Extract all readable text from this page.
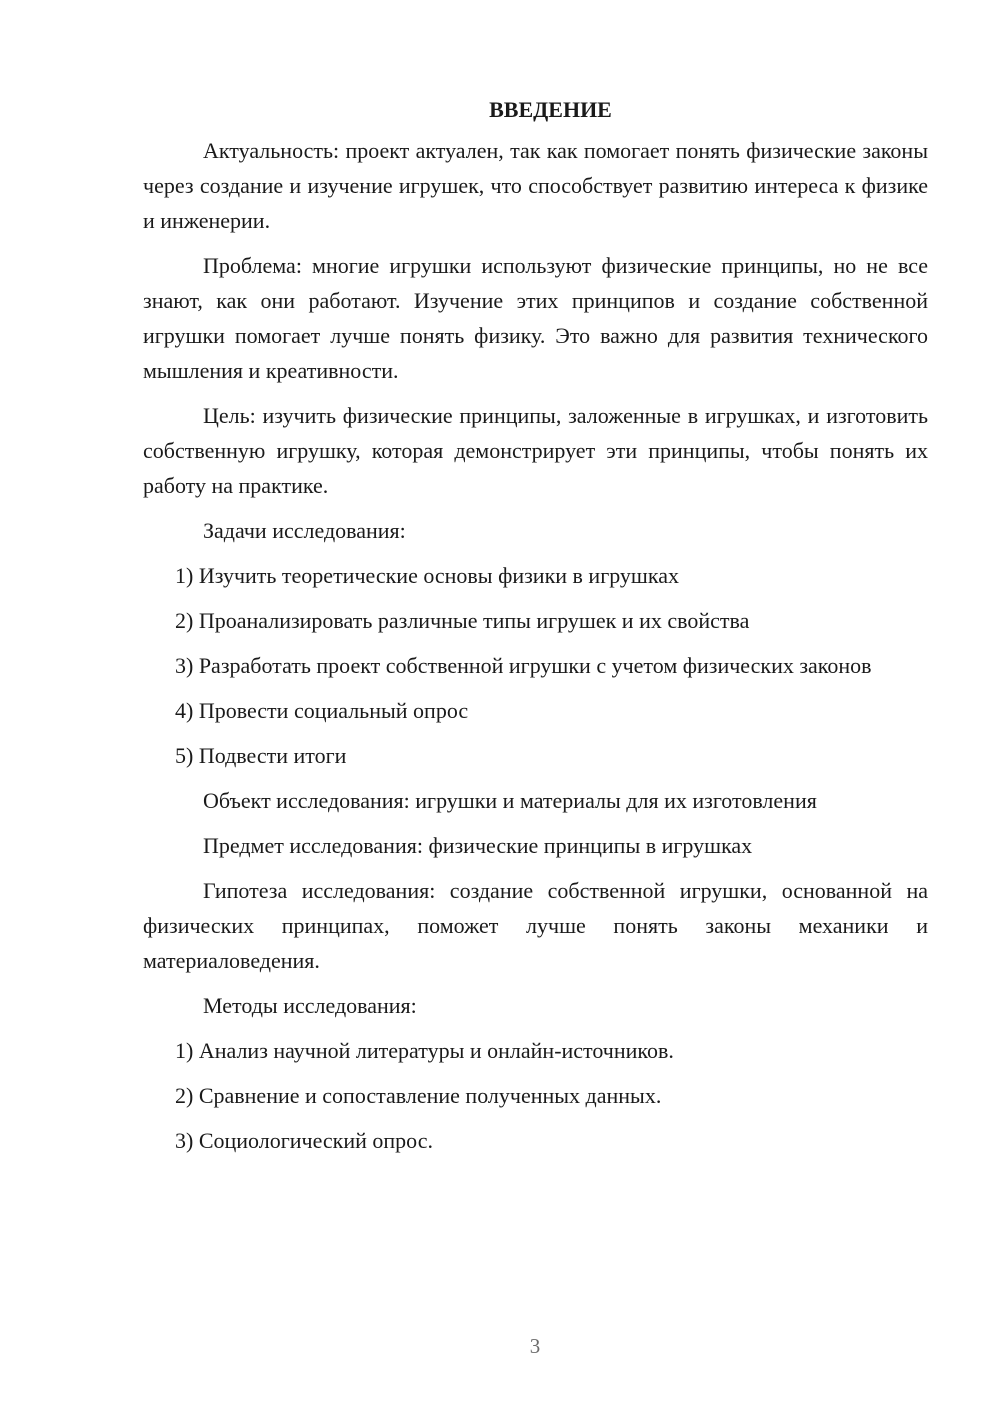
ВВЕДЕНИЕ

Актуальность: проект актуален, так как помогает понять физические законы через создание и изучение игрушек, что способствует развитию интереса к физике и инженерии.

Проблема: многие игрушки используют физические принципы, но не все знают, как они работают. Изучение этих принципов и создание собственной игрушки помогает лучше понять физику. Это важно для развития технического мышления и креативности.

Цель: изучить физические принципы, заложенные в игрушках, и изготовить собственную игрушку, которая демонстрирует эти принципы, чтобы понять их работу на практике.

Задачи исследования:

1) Изучить теоретические основы физики в игрушках

2) Проанализировать различные типы игрушек и их свойства

3) Разработать проект собственной игрушки с учетом физических законов

4) Провести социальный опрос

5) Подвести итоги

Объект исследования: игрушки и материалы для их изготовления

Предмет исследования: физические принципы в игрушках

Гипотеза исследования: создание собственной игрушки, основанной на физических принципах, поможет лучше понять законы механики и материаловедения.

Методы исследования:

1) Анализ научной литературы и онлайн-источников.

2) Сравнение и сопоставление полученных данных.

3) Социологический опрос.

3
